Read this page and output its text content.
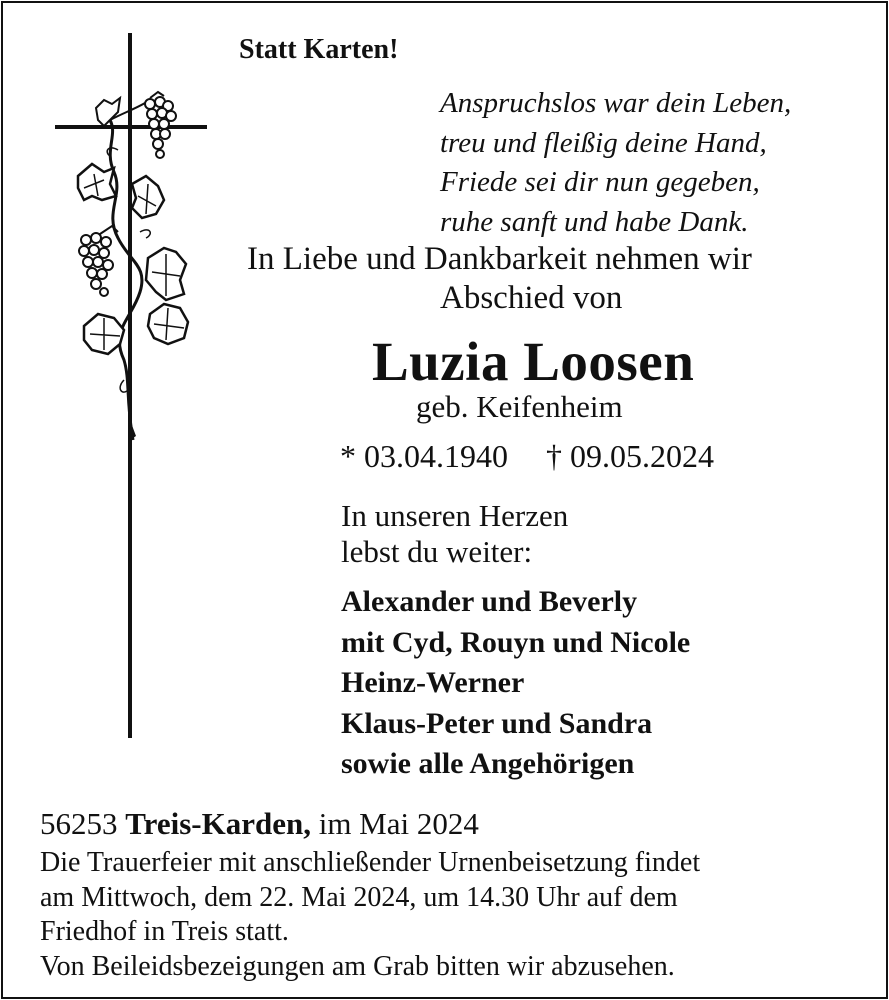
Statt Karten!
Anspruchslos war dein Leben,
treu und fleißig deine Hand,
Friede sei dir nun gegeben,
ruhe sanft und habe Dank.
In Liebe und Dankbarkeit nehmen wir
Abschied von
Luzia Loosen
geb. Keifenheim
* 03.04.1940 † 09.05.2024
In unseren Herzen
lebst du weiter:
Alexander und Beverly
mit Cyd, Rouyn und Nicole
Heinz-Werner
Klaus-Peter und Sandra
sowie alle Angehörigen
56253 Treis-Karden, im Mai 2024
Die Trauerfeier mit anschließender Urnenbeisetzung findet
am Mittwoch, dem 22. Mai 2024, um 14.30 Uhr auf dem
Friedhof in Treis statt.
Von Beileidsbezeigungen am Grab bitten wir abzusehen.
